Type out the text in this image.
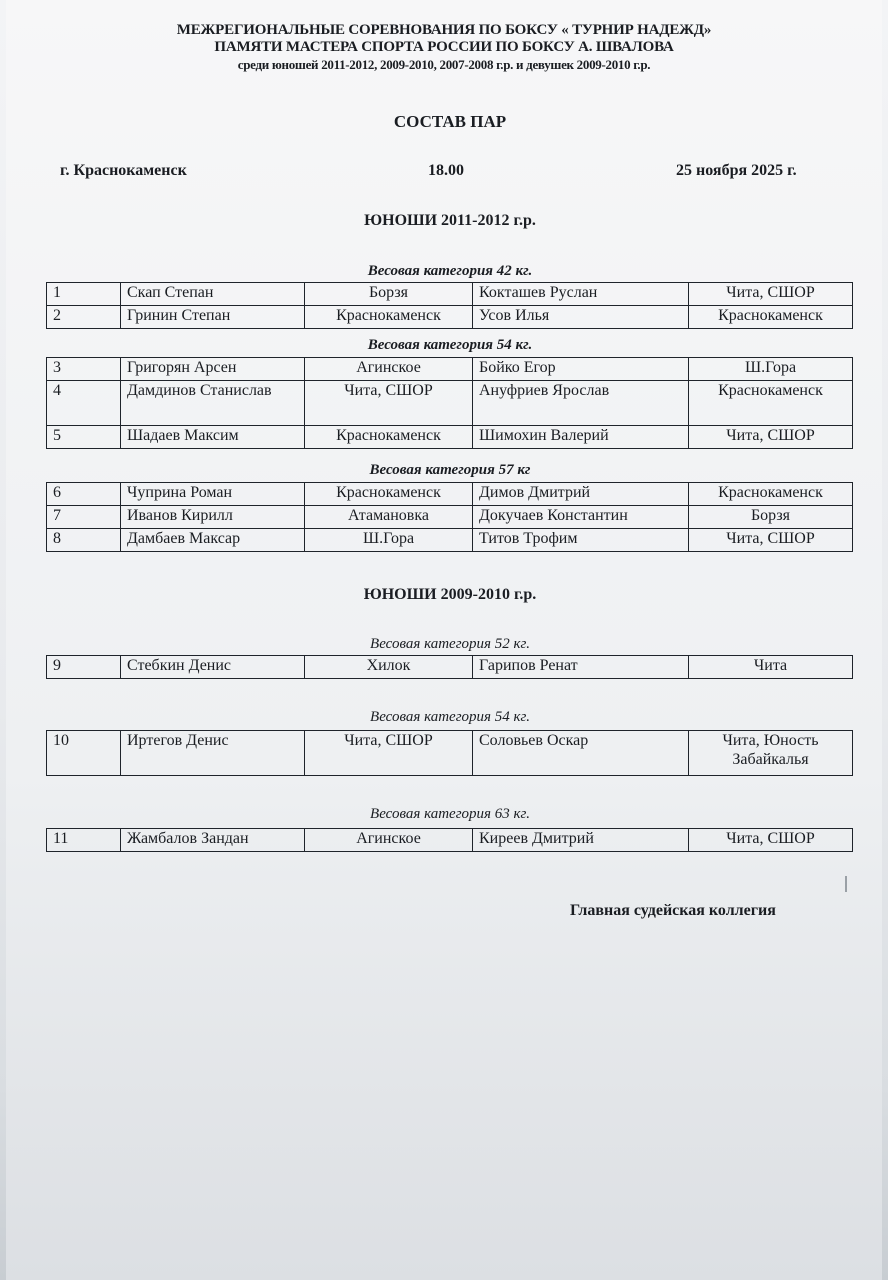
МЕЖРЕГИОНАЛЬНЫЕ СОРЕВНОВАНИЯ ПО БОКСУ « ТУРНИР НАДЕЖД»
ПАМЯТИ МАСТЕРА СПОРТА РОССИИ ПО БОКСУ А. ШВАЛОВА
среди юношей 2011-2012, 2009-2010, 2007-2008 г.р. и девушек 2009-2010 г.р.
СОСТАВ ПАР
г. Краснокаменск	18.00	25 ноября 2025 г.
ЮНОШИ 2011-2012 г.р.
Весовая категория 42 кг.
1	Скап Степан	Борзя	Кокташев Руслан	Чита, СШОР
2	Гринин Степан	Краснокаменск	Усов Илья	Краснокаменск
Весовая категория 54 кг.
3	Григорян Арсен	Агинское	Бойко Егор	Ш.Гора
4	Дамдинов Станислав	Чита, СШОР	Ануфриев Ярослав	Краснокаменск
5	Шадаев Максим	Краснокаменск	Шимохин Валерий	Чита, СШОР
Весовая категория 57 кг
6	Чуприна Роман	Краснокаменск	Димов Дмитрий	Краснокаменск
7	Иванов Кирилл	Атамановка	Докучаев Константин	Борзя
8	Дамбаев Максар	Ш.Гора	Титов Трофим	Чита, СШОР
ЮНОШИ 2009-2010 г.р.
Весовая категория 52 кг.
9	Стебкин Денис	Хилок	Гарипов Ренат	Чита
Весовая категория 54 кг.
10	Иртегов Денис	Чита, СШОР	Соловьев Оскар	Чита, Юность Забайкалья
Весовая категория 63 кг.
11	Жамбалов Зандан	Агинское	Киреев Дмитрий	Чита, СШОР
Главная судейская коллегия
